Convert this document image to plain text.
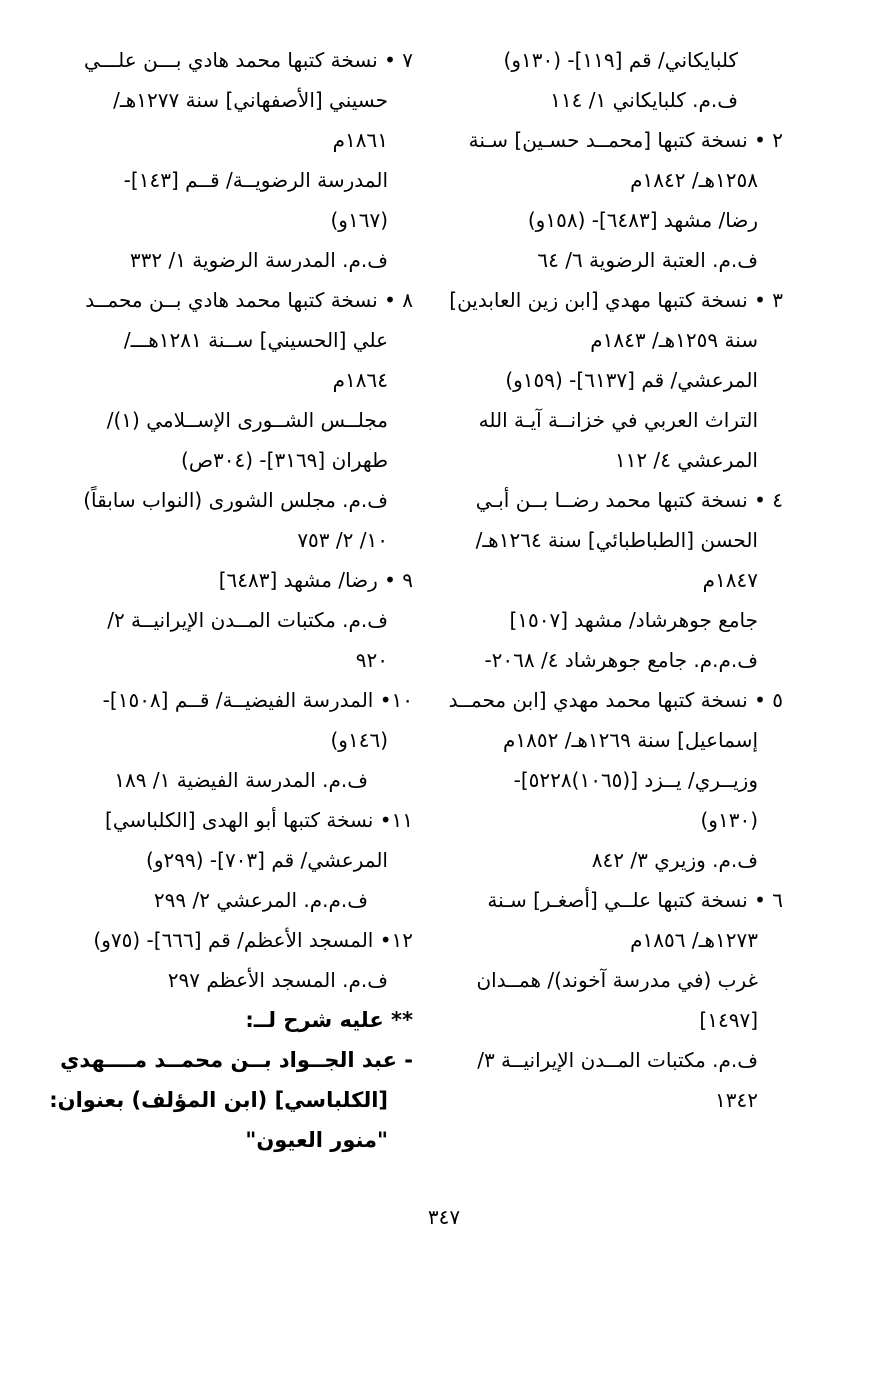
كلبايكاني/ قم [١١٩]- (١٣٠و)
ف.م. كلبايكاني ١/ ١١٤
٢ • نسخة كتبها [محمــد حسـين] سـنة
١٢٥٨هـ/ ١٨٤٢م
رضا/ مشهد [٦٤٨٣]- (١٥٨و)
ف.م. العتبة الرضوية ٦/ ٦٤
٣ • نسخة كتبها مهدي [ابن زين العابدين]
سنة ١٢٥٩هـ/ ١٨٤٣م
المرعشي/ قم [٦١٣٧]- (١٥٩و)
التراث العربي في خزانــة آيـة الله
المرعشي ٤/ ١١٢
٤ • نسخة كتبها محمد رضــا بــن أبـي
الحسن [الطباطبائي] سنة ١٢٦٤هـ/
١٨٤٧م
جامع جوهرشاد/ مشهد [١٥٠٧]
ف.م.م. جامع جوهرشاد ٤/ ٢٠٦٨-
٥ • نسخة كتبها محمد مهدي [ابن محمــد
إسماعيل] سنة ١٢٦٩هـ/ ١٨٥٢م
وزيــري/ يــزد [(١٠٦٥)٥٢٢٨]-
(١٣٠و)
ف.م. وزيري ٣/ ٨٤٢
٦ • نسخة كتبها علــي [أصغـر] سـنة
١٢٧٣هـ/ ١٨٥٦م
غرب (في مدرسة آخوند)/ همــدان
[١٤٩٧]
ف.م. مكتبات المــدن الإيرانيــة ٣/
١٣٤٢
٧ • نسخة كتبها محمد هادي بـــن علـــي
حسيني [الأصفهاني] سنة ١٢٧٧هـ/
١٨٦١م
المدرسة الرضويــة/ قــم [١٤٣]-
(١٦٧و)
ف.م. المدرسة الرضوية ١/ ٣٣٢
٨ • نسخة كتبها محمد هادي بــن محمــد
علي [الحسيني] ســنة ١٢٨١هـــ/
١٨٦٤م
مجلــس الشــورى الإســلامي (١)/
طهران [٣١٦٩]- (٣٠٤ص)
ف.م. مجلس الشورى (النواب سابقاً)
١٠/ ٢/ ٧٥٣
٩ • رضا/ مشهد [٦٤٨٣]
ف.م. مكتبات المــدن الإيرانيــة ٢/
٩٢٠
١٠• المدرسة الفيضيــة/ قــم [١٥٠٨]-
(١٤٦و)
ف.م. المدرسة الفيضية ١/ ١٨٩
١١• نسخة كتبها أبو الهدى [الكلباسي]
المرعشي/ قم [٧٠٣]- (٢٩٩و)
ف.م.م. المرعشي ٢/ ٢٩٩
١٢• المسجد الأعظم/ قم [٦٦٦]- (٧٥و)
ف.م. المسجد الأعظم ٢٩٧
** عليه شرح لــ:
- عبد الجــواد بــن محمــد مــــهدي
[الكلباسي] (ابن المؤلف) بعنوان:
"منور العيون"
٣٤٧
